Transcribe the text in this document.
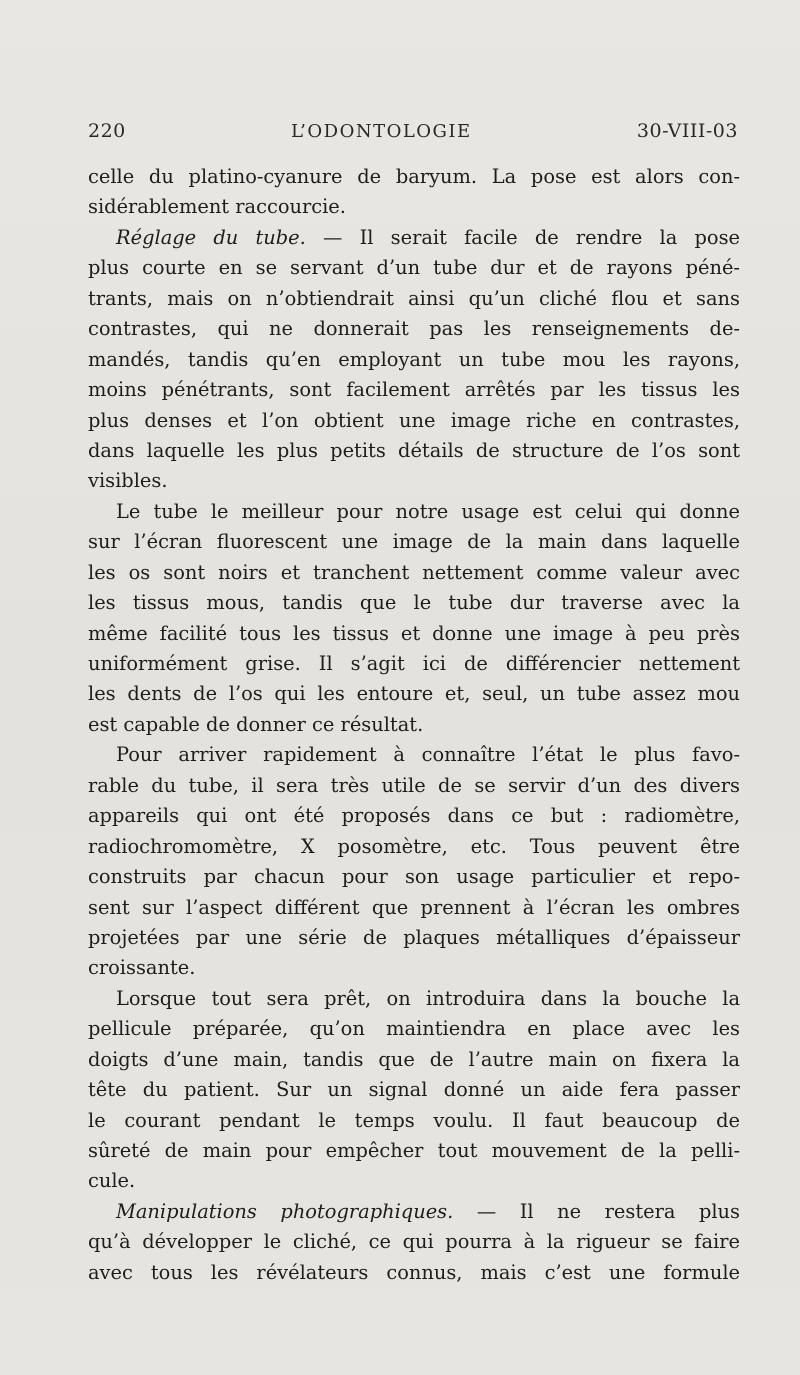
220	L’ODONTOLOGIE	30-VIII-03
celle du platino-cyanure de baryum. La pose est alors con-
sidérablement raccourcie.
Réglage du tube. — Il serait facile de rendre la pose
plus courte en se servant d’un tube dur et de rayons péné-
trants, mais on n’obtiendrait ainsi qu’un cliché flou et sans
contrastes, qui ne donnerait pas les renseignements de-
mandés, tandis qu’en employant un tube mou les rayons,
moins pénétrants, sont facilement arrêtés par les tissus les
plus denses et l’on obtient une image riche en contrastes,
dans laquelle les plus petits détails de structure de l’os sont
visibles.
Le tube le meilleur pour notre usage est celui qui donne
sur l’écran fluorescent une image de la main dans laquelle
les os sont noirs et tranchent nettement comme valeur avec
les tissus mous, tandis que le tube dur traverse avec la
même facilité tous les tissus et donne une image à peu près
uniformément grise. Il s’agit ici de différencier nettement
les dents de l’os qui les entoure et, seul, un tube assez mou
est capable de donner ce résultat.
Pour arriver rapidement à connaître l’état le plus favo-
rable du tube, il sera très utile de se servir d’un des divers
appareils qui ont été proposés dans ce but : radiomètre,
radiochromomètre, X posomètre, etc. Tous peuvent être
construits par chacun pour son usage particulier et repo-
sent sur l’aspect différent que prennent à l’écran les ombres
projetées par une série de plaques métalliques d’épaisseur
croissante.
Lorsque tout sera prêt, on introduira dans la bouche la
pellicule préparée, qu’on maintiendra en place avec les
doigts d’une main, tandis que de l’autre main on fixera la
tête du patient. Sur un signal donné un aide fera passer
le courant pendant le temps voulu. Il faut beaucoup de
sûreté de main pour empêcher tout mouvement de la pelli-
cule.
Manipulations photographiques. — Il ne restera plus
qu’à développer le cliché, ce qui pourra à la rigueur se faire
avec tous les révélateurs connus, mais c’est une formule
